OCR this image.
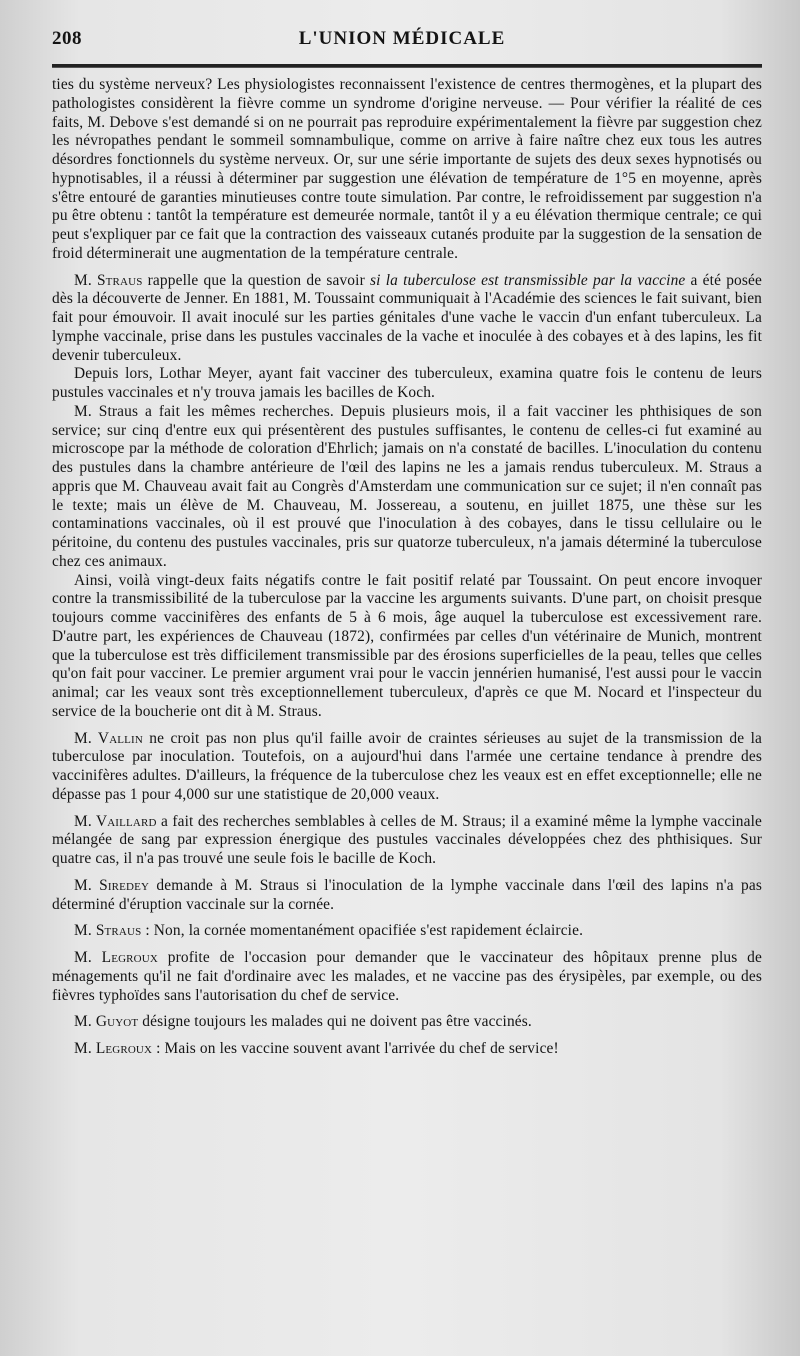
208	L'UNION MÉDICALE

ties du système nerveux? Les physiologistes reconnaissent l'existence de centres thermogènes, et la plupart des pathologistes considèrent la fièvre comme un syndrome d'origine nerveuse. — Pour vérifier la réalité de ces faits, M. Debove s'est demandé si on ne pourrait pas reproduire expérimentalement la fièvre par suggestion chez les névropathes pendant le sommeil somnambulique, comme on arrive à faire naître chez eux tous les autres désordres fonctionnels du système nerveux. Or, sur une série importante de sujets des deux sexes hypnotisés ou hypnotisables, il a réussi à déterminer par suggestion une élévation de température de 1°5 en moyenne, après s'être entouré de garanties minutieuses contre toute simulation. Par contre, le refroidissement par suggestion n'a pu être obtenu : tantôt la température est demeurée normale, tantôt il y a eu élévation thermique centrale; ce qui peut s'expliquer par ce fait que la contraction des vaisseaux cutanés produite par la suggestion de la sensation de froid déterminerait une augmentation de la température centrale.

M. Straus rappelle que la question de savoir si la tuberculose est transmissible par la vaccine a été posée dès la découverte de Jenner. En 1881, M. Toussaint communiquait à l'Académie des sciences le fait suivant, bien fait pour émouvoir. Il avait inoculé sur les parties génitales d'une vache le vaccin d'un enfant tuberculeux. La lymphe vaccinale, prise dans les pustules vaccinales de la vache et inoculée à des cobayes et à des lapins, les fit devenir tuberculeux.

Depuis lors, Lothar Meyer, ayant fait vacciner des tuberculeux, examina quatre fois le contenu de leurs pustules vaccinales et n'y trouva jamais les bacilles de Koch.

M. Straus a fait les mêmes recherches. Depuis plusieurs mois, il a fait vacciner les phthisiques de son service; sur cinq d'entre eux qui présentèrent des pustules suffisantes, le contenu de celles-ci fut examiné au microscope par la méthode de coloration d'Ehrlich; jamais on n'a constaté de bacilles. L'inoculation du contenu des pustules dans la chambre antérieure de l'œil des lapins ne les a jamais rendus tuberculeux. M. Straus a appris que M. Chauveau avait fait au Congrès d'Amsterdam une communication sur ce sujet; il n'en connaît pas le texte; mais un élève de M. Chauveau, M. Jossereau, a soutenu, en juillet 1875, une thèse sur les contaminations vaccinales, où il est prouvé que l'inoculation à des cobayes, dans le tissu cellulaire ou le péritoine, du contenu des pustules vaccinales, pris sur quatorze tuberculeux, n'a jamais déterminé la tuberculose chez ces animaux.

Ainsi, voilà vingt-deux faits négatifs contre le fait positif relaté par Toussaint. On peut encore invoquer contre la transmissibilité de la tuberculose par la vaccine les arguments suivants. D'une part, on choisit presque toujours comme vaccinifères des enfants de 5 à 6 mois, âge auquel la tuberculose est excessivement rare. D'autre part, les expériences de Chauveau (1872), confirmées par celles d'un vétérinaire de Munich, montrent que la tuberculose est très difficilement transmissible par des érosions superficielles de la peau, telles que celles qu'on fait pour vacciner. Le premier argument vrai pour le vaccin jennérien humanisé, l'est aussi pour le vaccin animal; car les veaux sont très exceptionnellement tuberculeux, d'après ce que M. Nocard et l'inspecteur du service de la boucherie ont dit à M. Straus.

M. Vallin ne croit pas non plus qu'il faille avoir de craintes sérieuses au sujet de la transmission de la tuberculose par inoculation. Toutefois, on a aujourd'hui dans l'armée une certaine tendance à prendre des vaccinifères adultes. D'ailleurs, la fréquence de la tuberculose chez les veaux est en effet exceptionnelle; elle ne dépasse pas 1 pour 4,000 sur une statistique de 20,000 veaux.

M. Vaillard a fait des recherches semblables à celles de M. Straus; il a examiné même la lymphe vaccinale mélangée de sang par expression énergique des pustules vaccinales développées chez des phthisiques. Sur quatre cas, il n'a pas trouvé une seule fois le bacille de Koch.

M. Siredey demande à M. Straus si l'inoculation de la lymphe vaccinale dans l'œil des lapins n'a pas déterminé d'éruption vaccinale sur la cornée.

M. Straus : Non, la cornée momentanément opacifiée s'est rapidement éclaircie.

M. Legroux profite de l'occasion pour demander que le vaccinateur des hôpitaux prenne plus de ménagements qu'il ne fait d'ordinaire avec les malades, et ne vaccine pas des érysipèles, par exemple, ou des fièvres typhoïdes sans l'autorisation du chef de service.

M. Guyot désigne toujours les malades qui ne doivent pas être vaccinés.

M. Legroux : Mais on les vaccine souvent avant l'arrivée du chef de service!
